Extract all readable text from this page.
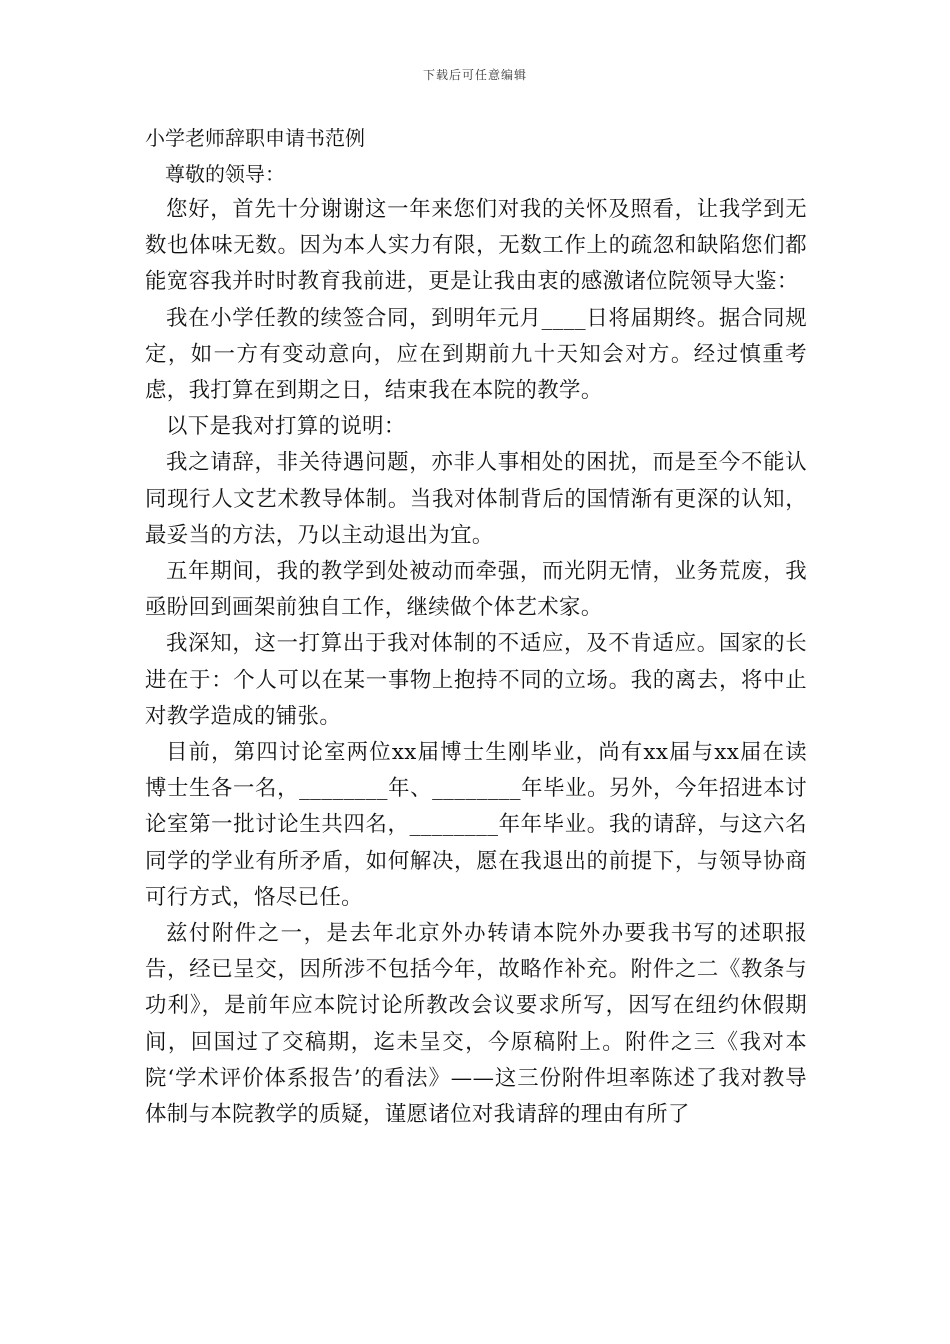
下载后可任意编辑
小学老师辞职申请书范例

尊敬的领导：

您好，首先十分谢谢这一年来您们对我的关怀及照看，让我学到无数也体味无数。因为本人实力有限，无数工作上的疏忽和缺陷您们都能宽容我并时时教育我前进，更是让我由衷的感激诸位院领导大鉴：

我在小学任教的续签合同，到明年元月____日将届期终。据合同规定，如一方有变动意向，应在到期前九十天知会对方。经过慎重考虑，我打算在到期之日，结束我在本院的教学。

以下是我对打算的说明：

我之请辞，非关待遇问题，亦非人事相处的困扰，而是至今不能认同现行人文艺术教导体制。当我对体制背后的国情渐有更深的认知，最妥当的方法，乃以主动退出为宜。

五年期间，我的教学到处被动而牵强，而光阴无情，业务荒废，我亟盼回到画架前独自工作，继续做个体艺术家。

我深知，这一打算出于我对体制的不适应，及不肯适应。国家的长进在于：个人可以在某一事物上抱持不同的立场。我的离去，将中止对教学造成的铺张。

目前，第四讨论室两位xx届博士生刚毕业，尚有xx届与xx届在读博士生各一名，________年、________年毕业。另外，今年招进本讨论室第一批讨论生共四名，________年年毕业。我的请辞，与这六名同学的学业有所矛盾，如何解决，愿在我退出的前提下，与领导协商可行方式，恪尽已任。

兹付附件之一，是去年北京外办转请本院外办要我书写的述职报告，经已呈交，因所涉不包括今年，故略作补充。附件之二《教条与功利》，是前年应本院讨论所教改会议要求所写，因写在纽约休假期间，回国过了交稿期，迄未呈交，今原稿附上。附件之三《我对本院‘学术评价体系报告’的看法》——这三份附件坦率陈述了我对教导体制与本院教学的质疑，谨愿诸位对我请辞的理由有所了
